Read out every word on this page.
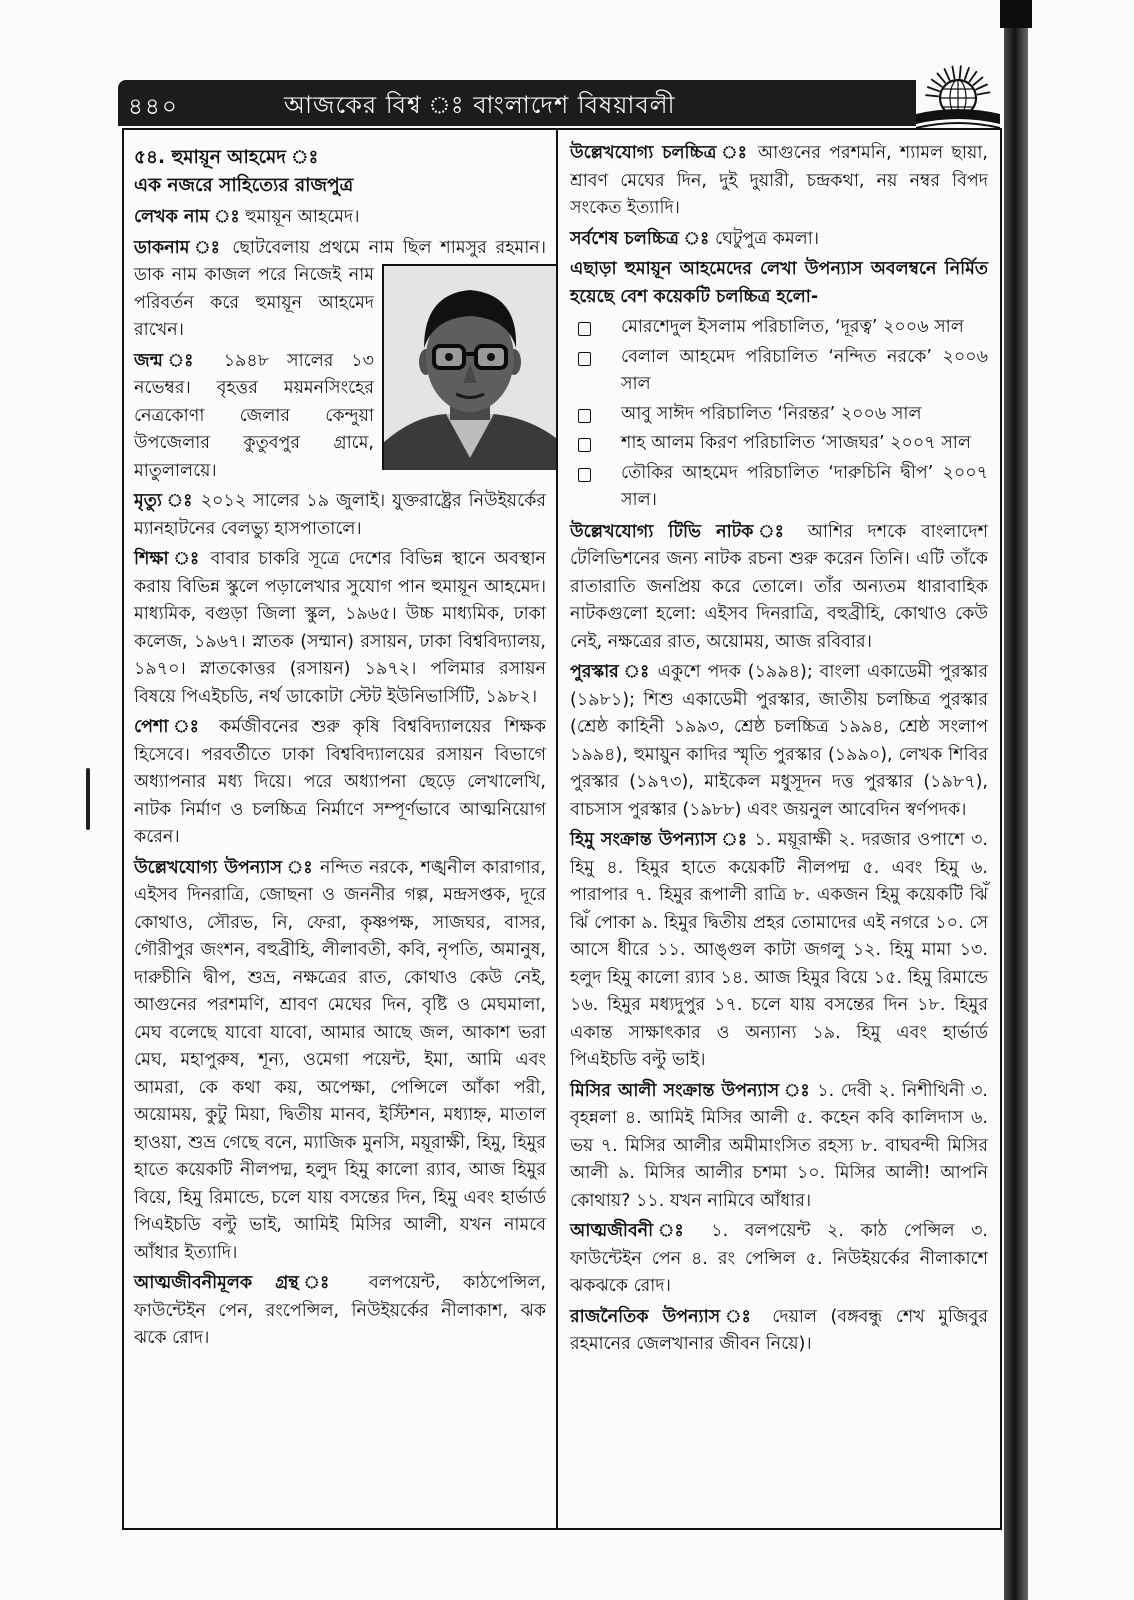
৪৪০	আজকের বিশ্ব ঃ বাংলাদেশ বিষয়াবলী

৫৪. হুমায়ূন আহমেদ ঃ

এক নজরে সাহিত্যের রাজপুত্র

লেখক নাম ঃ হুমায়ূন আহমেদ।

ডাকনাম ঃ ছোটবেলায় প্রথমে নাম ছিল শামসুর রহমান। ডাক নাম কাজল পরে নিজেই নাম পরিবর্তন করে হুমায়ূন আহমেদ রাখেন।

জন্ম ঃ ১৯৪৮ সালের ১৩ নভেম্বর। বৃহত্তর ময়মনসিংহের নেত্রকোণা জেলার কেন্দুয়া উপজেলার কুতুবপুর গ্রামে, মাতুলালয়ে।

মৃত্যু ঃ ২০১২ সালের ১৯ জুলাই। যুক্তরাষ্ট্রের নিউইয়র্কের ম্যানহাটনের বেলভ্যু হাসপাতালে।

শিক্ষা ঃ বাবার চাকরি সূত্রে দেশের বিভিন্ন স্থানে অবস্থান করায় বিভিন্ন স্কুলে পড়ালেখার সুযোগ পান হুমায়ূন আহমেদ। মাধ্যমিক, বগুড়া জিলা স্কুল, ১৯৬৫। উচ্চ মাধ্যমিক, ঢাকা কলেজ, ১৯৬৭। স্নাতক (সম্মান) রসায়ন, ঢাকা বিশ্ববিদ্যালয়, ১৯৭০। স্নাতকোত্তর (রসায়ন) ১৯৭২। পলিমার রসায়ন বিষয়ে পিএইচডি, নর্থ ডাকোটা স্টেট ইউনিভার্সিটি, ১৯৮২।

পেশা ঃ কর্মজীবনের শুরু কৃষি বিশ্ববিদ্যালয়ের শিক্ষক হিসেবে। পরবর্তীতে ঢাকা বিশ্ববিদ্যালয়ের রসায়ন বিভাগে অধ্যাপনার মধ্য দিয়ে। পরে অধ্যাপনা ছেড়ে লেখালেখি, নাটক নির্মাণ ও চলচ্চিত্র নির্মাণে সম্পূর্ণভাবে আত্মনিয়োগ করেন।

উল্লেখযোগ্য উপন্যাস ঃ নন্দিত নরকে, শঙ্খনীল কারাগার, এইসব দিনরাত্রি, জোছনা ও জননীর গল্প, মন্দ্রসপ্তক, দূরে কোথাও, সৌরভ, নি, ফেরা, কৃষ্ণপক্ষ, সাজঘর, বাসর, গৌরীপুর জংশন, বহুব্রীহি, লীলাবতী, কবি, নৃপতি, অমানুষ, দারুচীনি দ্বীপ, শুভ্র, নক্ষত্রের রাত, কোথাও কেউ নেই, আগুনের পরশমণি, শ্রাবণ মেঘের দিন, বৃষ্টি ও মেঘমালা, মেঘ বলেছে যাবো যাবো, আমার আছে জল, আকাশ ভরা মেঘ, মহাপুরুষ, শূন্য, ওমেগা পয়েন্ট, ইমা, আমি এবং আমরা, কে কথা কয়, অপেক্ষা, পেন্সিলে আঁকা পরী, অয়োময়, কুটু মিয়া, দ্বিতীয় মানব, ইস্টিশন, মধ্যাহ্ন, মাতাল হাওয়া, শুভ্র গেছে বনে, ম্যাজিক মুনসি, ময়ূরাক্ষী, হিমু, হিমুর হাতে কয়েকটি নীলপদ্ম, হলুদ হিমু কালো র‍্যাব, আজ হিমুর বিয়ে, হিমু রিমান্ডে, চলে যায় বসন্তের দিন, হিমু এবং হার্ভার্ড পিএইচডি বল্টু ভাই, আমিই মিসির আলী, যখন নামবে আঁধার ইত্যাদি।

আত্মজীবনীমূলক গ্রন্থ ঃ বলপয়েন্ট, কাঠপেন্সিল, ফাউন্টেইন পেন, রংপেন্সিল, নিউইয়র্কের নীলাকাশ, ঝক ঝকে রোদ।

উল্লেখযোগ্য চলচ্চিত্র ঃ আগুনের পরশমনি, শ্যামল ছায়া, শ্রাবণ মেঘের দিন, দুই দুয়ারী, চন্দ্রকথা, নয় নম্বর বিপদ সংকেত ইত্যাদি।

সর্বশেষ চলচ্চিত্র ঃ ঘেটুপুত্র কমলা।

এছাড়া হুমায়ূন আহমেদের লেখা উপন্যাস অবলম্বনে নির্মিত হয়েছে বেশ কয়েকটি চলচ্চিত্র হলো-

মোরশেদুল ইসলাম পরিচালিত, ‘দূরত্ব’ ২০০৬ সাল
বেলাল আহমেদ পরিচালিত ‘নন্দিত নরকে’ ২০০৬ সাল
আবু সাঈদ পরিচালিত ‘নিরন্তর’ ২০০৬ সাল
শাহ আলম কিরণ পরিচালিত ‘সাজঘর’ ২০০৭ সাল
তৌকির আহমেদ পরিচালিত ‘দারুচিনি দ্বীপ’ ২০০৭ সাল।

উল্লেখযোগ্য টিভি নাটক ঃ আশির দশকে বাংলাদেশ টেলিভিশনের জন্য নাটক রচনা শুরু করেন তিনি। এটি তাঁকে রাতারাতি জনপ্রিয় করে তোলে। তাঁর অন্যতম ধারাবাহিক নাটকগুলো হলো: এইসব দিনরাত্রি, বহুব্রীহি, কোথাও কেউ নেই, নক্ষত্রের রাত, অয়োময়, আজ রবিবার।

পুরস্কার ঃ একুশে পদক (১৯৯৪); বাংলা একাডেমী পুরস্কার (১৯৮১); শিশু একাডেমী পুরস্কার, জাতীয় চলচ্চিত্র পুরস্কার (শ্রেষ্ঠ কাহিনী ১৯৯৩, শ্রেষ্ঠ চলচ্চিত্র ১৯৯৪, শ্রেষ্ঠ সংলাপ ১৯৯৪), হুমায়ুন কাদির স্মৃতি পুরস্কার (১৯৯০), লেখক শিবির পুরস্কার (১৯৭৩), মাইকেল মধুসূদন দত্ত পুরস্কার (১৯৮৭), বাচসাস পুরস্কার (১৯৮৮) এবং জয়নুল আবেদিন স্বর্ণপদক।

হিমু সংক্রান্ত উপন্যাস ঃ ১. ময়ূরাক্ষী ২. দরজার ওপাশে ৩. হিমু ৪. হিমুর হাতে কয়েকটি নীলপদ্ম ৫. এবং হিমু ৬. পারাপার ৭. হিমুর রূপালী রাত্রি ৮. একজন হিমু কয়েকটি ঝিঁ ঝিঁ পোকা ৯. হিমুর দ্বিতীয় প্রহর তোমাদের এই নগরে ১০. সে আসে ধীরে ১১. আঙ্গুল কাটা জগলু ১২. হিমু মামা ১৩. হলুদ হিমু কালো র‍্যাব ১৪. আজ হিমুর বিয়ে ১৫. হিমু রিমান্ডে ১৬. হিমুর মধ্যদুপুর ১৭. চলে যায় বসন্তের দিন ১৮. হিমুর একান্ত সাক্ষাৎকার ও অন্যান্য ১৯. হিমু এবং হার্ভার্ড পিএইচডি বল্টু ভাই।

মিসির আলী সংক্রান্ত উপন্যাস ঃ ১. দেবী ২. নিশীথিনী ৩. বৃহন্নলা ৪. আমিই মিসির আলী ৫. কহেন কবি কালিদাস ৬. ভয় ৭. মিসির আলীর অমীমাংসিত রহস্য ৮. বাঘবন্দী মিসির আলী ৯. মিসির আলীর চশমা ১০. মিসির আলী! আপনি কোথায়? ১১. যখন নামিবে আঁধার।

আত্মজীবনী ঃ ১. বলপয়েন্ট ২. কাঠ পেন্সিল ৩. ফাউন্টেইন পেন ৪. রং পেন্সিল ৫. নিউইয়র্কের নীলাকাশে ঝকঝকে রোদ।

রাজনৈতিক উপন্যাস ঃ দেয়াল (বঙ্গবন্ধু শেখ মুজিবুর রহমানের জেলখানার জীবন নিয়ে)।
